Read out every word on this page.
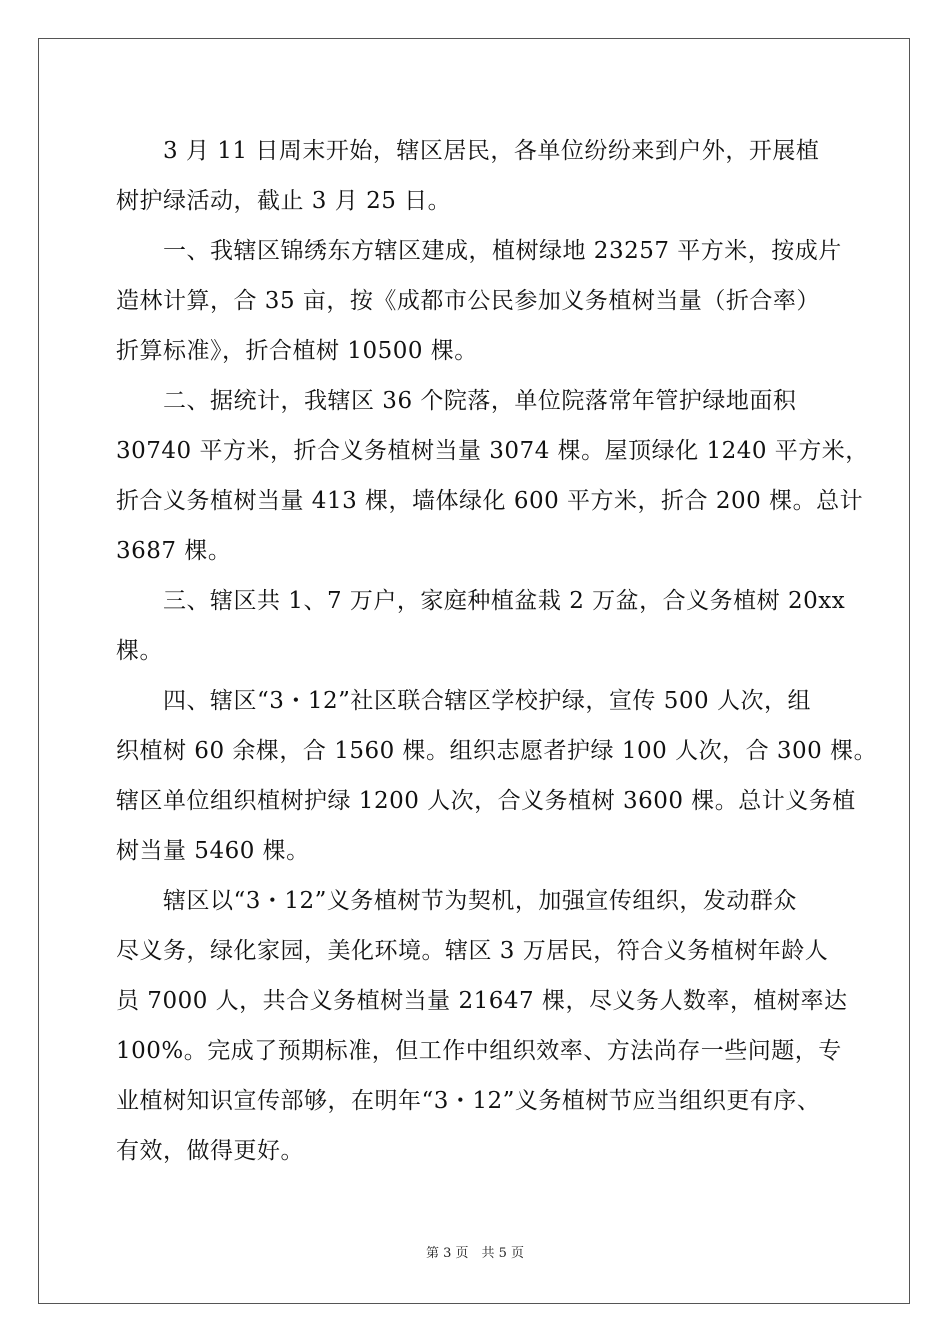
3 月 11 日周末开始，辖区居民，各单位纷纷来到户外，开展植
树护绿活动，截止 3 月 25 日。
一、我辖区锦绣东方辖区建成，植树绿地 23257 平方米，按成片
造林计算，合 35 亩，按《成都市公民参加义务植树当量（折合率）
折算标准》，折合植树 10500 棵。
二、据统计，我辖区 36 个院落，单位院落常年管护绿地面积
30740 平方米，折合义务植树当量 3074 棵。屋顶绿化 1240 平方米，
折合义务植树当量 413 棵，墙体绿化 600 平方米，折合 200 棵。总计
3687 棵。
三、辖区共 1、7 万户，家庭种植盆栽 2 万盆，合义务植树 20xx
棵。
四、辖区“3・12”社区联合辖区学校护绿，宣传 500 人次，组
织植树 60 余棵，合 1560 棵。组织志愿者护绿 100 人次，合 300 棵。
辖区单位组织植树护绿 1200 人次，合义务植树 3600 棵。总计义务植
树当量 5460 棵。
辖区以“3・12”义务植树节为契机，加强宣传组织，发动群众
尽义务，绿化家园，美化环境。辖区 3 万居民，符合义务植树年龄人
员 7000 人，共合义务植树当量 21647 棵，尽义务人数率，植树率达
100%。完成了预期标准，但工作中组织效率、方法尚存一些问题，专
业植树知识宣传部够，在明年“3・12”义务植树节应当组织更有序、
有效，做得更好。
第 3 页　共 5 页
